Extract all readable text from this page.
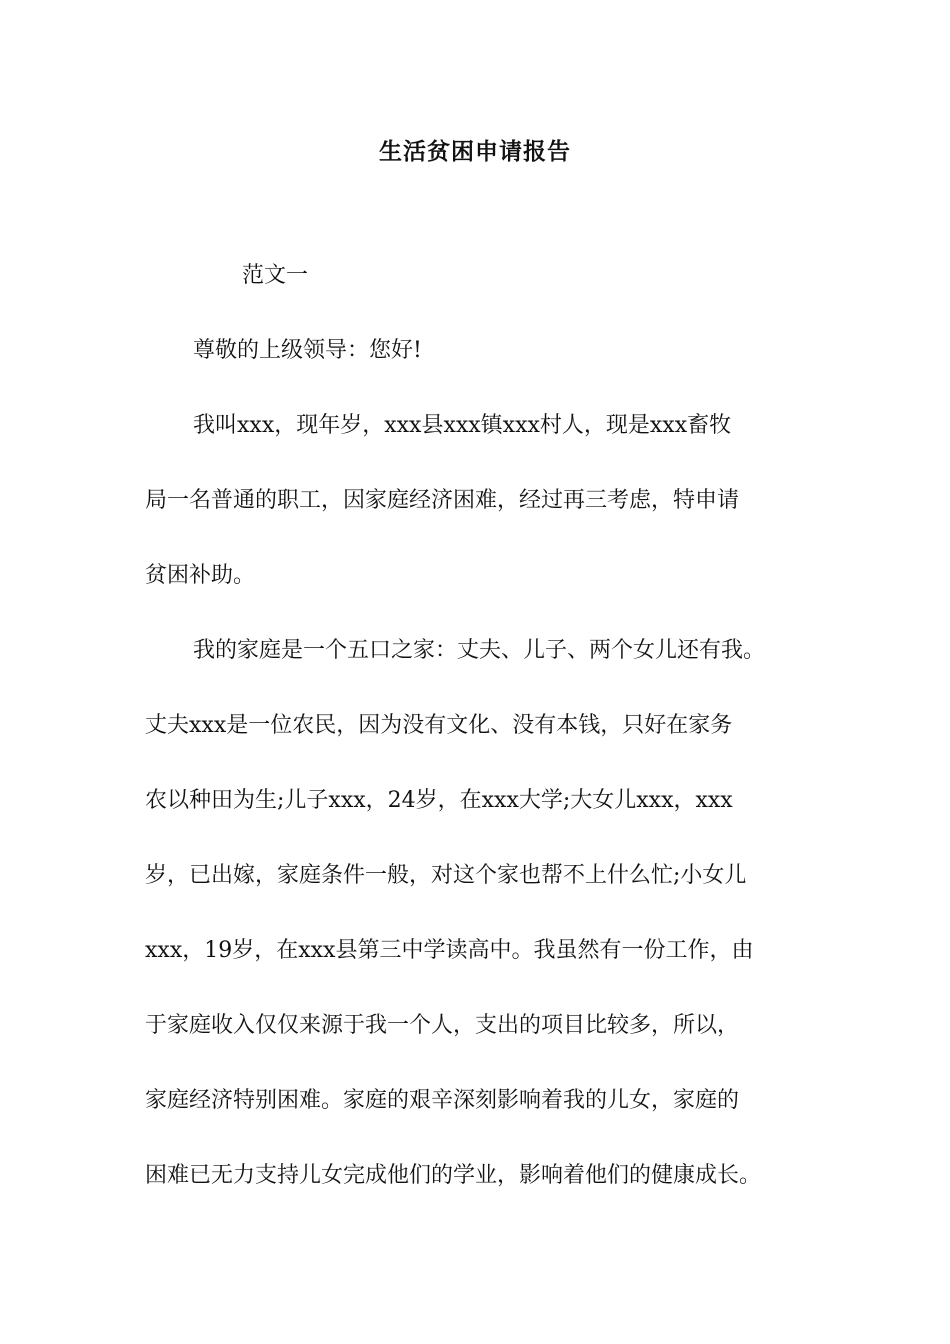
生活贫困申请报告
范文一
尊敬的上级领导：您好!
我叫xxx，现年岁，xxx县xxx镇xxx村人，现是xxx畜牧
局一名普通的职工，因家庭经济困难，经过再三考虑，特申请
贫困补助。
我的家庭是一个五口之家：丈夫、儿子、两个女儿还有我。
丈夫xxx是一位农民，因为没有文化、没有本钱，只好在家务
农以种田为生;儿子xxx，24岁，在xxx大学;大女儿xxx，xxx
岁，已出嫁，家庭条件一般，对这个家也帮不上什么忙;小女儿
xxx，19岁，在xxx县第三中学读高中。我虽然有一份工作，由
于家庭收入仅仅来源于我一个人，支出的项目比较多，所以，
家庭经济特别困难。家庭的艰辛深刻影响着我的儿女，家庭的
困难已无力支持儿女完成他们的学业，影响着他们的健康成长。
